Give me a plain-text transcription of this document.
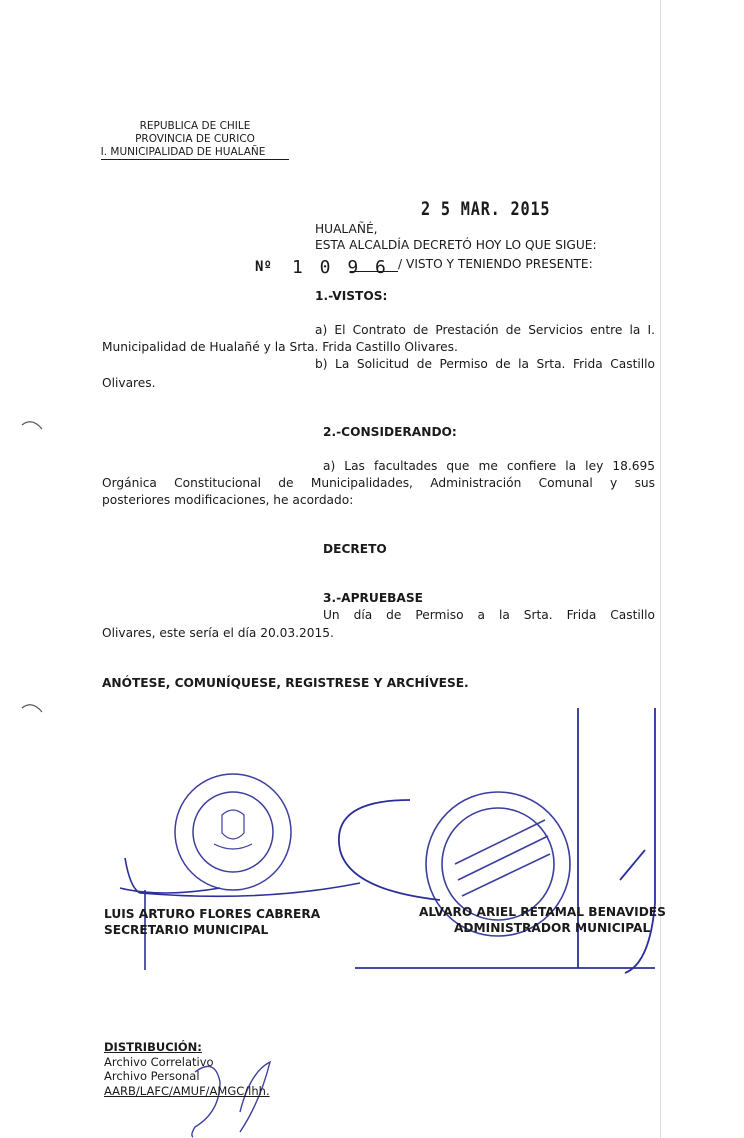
REPUBLICA DE CHILE
PROVINCIA DE CURICO
I. MUNICIPALIDAD DE HUALAÑE
2 5 MAR. 2015
HUALAÑÉ,
ESTA ALCALDÍA DECRETÓ HOY LO QUE SIGUE:
Nº 1 0 9 6 / VISTO Y TENIENDO PRESENTE:
1.-VISTOS:
a) El Contrato de Prestación de Servicios entre la I.
Municipalidad de Hualañé y la Srta. Frida Castillo Olivares.
b) La Solicitud de Permiso de la Srta. Frida Castillo
Olivares.
2.-CONSIDERANDO:
a) Las facultades que me confiere la ley 18.695
Orgánica Constitucional de Municipalidades, Administración Comunal y sus
posteriores modificaciones, he acordado:
DECRETO
3.-APRUEBASE
Un día de Permiso a la Srta. Frida Castillo
Olivares, este sería el día 20.03.2015.
ANÓTESE, COMUNÍQUESE, REGISTRESE Y ARCHÍVESE.
LUIS ARTURO FLORES CABRERA
SECRETARIO MUNICIPAL
ALVARO ARIEL RETAMAL BENAVIDES
ADMINISTRADOR MUNICIPAL
DISTRIBUCIÓN:
Archivo Correlativo
Archivo Personal
AARB/LAFC/AMUF/AMGC/lhh.
